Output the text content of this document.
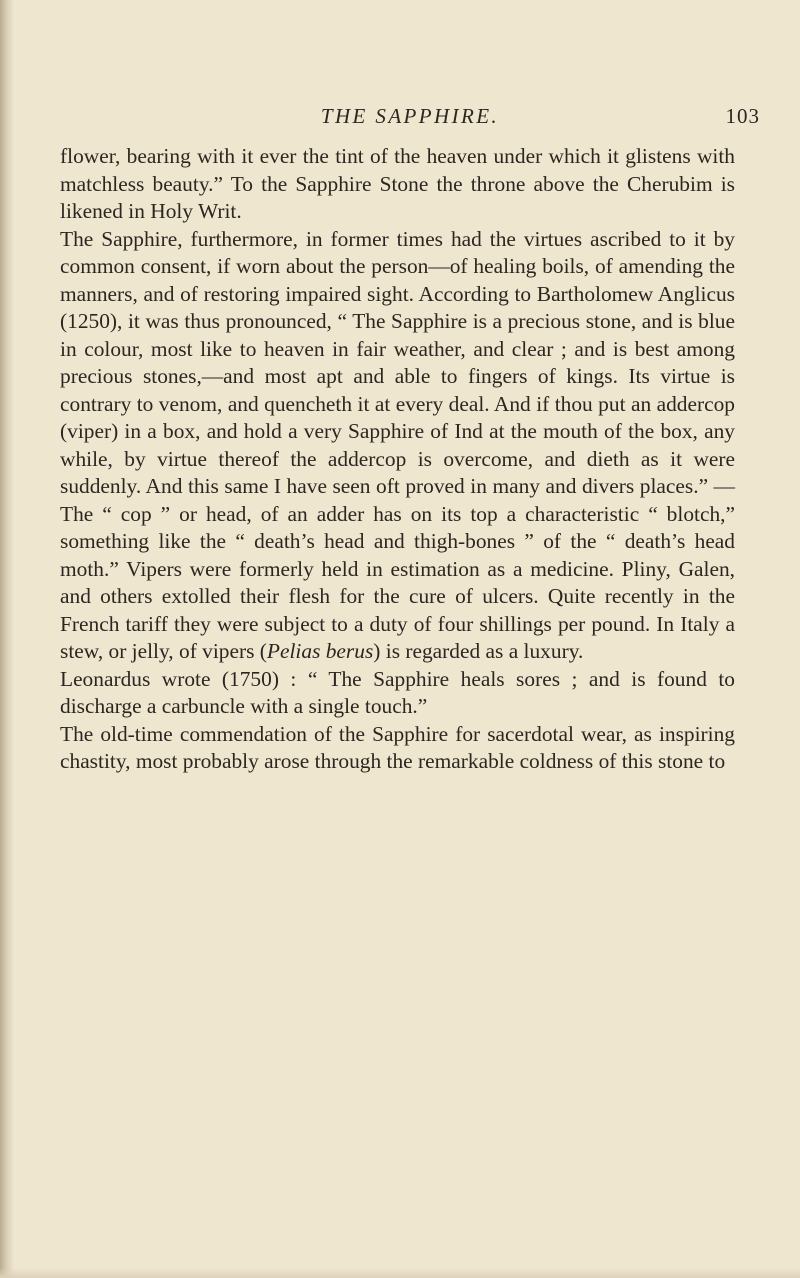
THE SAPPHIRE.	103

flower, bearing with it ever the tint of the heaven under which it glistens with matchless beauty.” To the Sapphire Stone the throne above the Cherubim is likened in Holy Writ.

The Sapphire, furthermore, in former times had the virtues ascribed to it by common consent, if worn about the person—of healing boils, of amending the manners, and of restoring impaired sight. According to Bartholomew Anglicus (1250), it was thus pronounced, “ The Sapphire is a precious stone, and is blue in colour, most like to heaven in fair weather, and clear ; and is best among precious stones,—and most apt and able to fingers of kings. Its virtue is contrary to venom, and quencheth it at every deal. And if thou put an addercop (viper) in a box, and hold a very Sapphire of Ind at the mouth of the box, any while, by virtue thereof the addercop is overcome, and dieth as it were suddenly. And this same I have seen oft proved in many and divers places.” —The “ cop ” or head, of an adder has on its top a characteristic “ blotch,” something like the “ death’s head and thigh-bones ” of the “ death’s head moth.” Vipers were formerly held in estimation as a medicine. Pliny, Galen, and others extolled their flesh for the cure of ulcers. Quite recently in the French tariff they were subject to a duty of four shillings per pound. In Italy a stew, or jelly, of vipers (Pelias berus) is regarded as a luxury.

Leonardus wrote (1750) : “ The Sapphire heals sores ; and is found to discharge a carbuncle with a single touch.”

The old-time commendation of the Sapphire for sacerdotal wear, as inspiring chastity, most probably arose through the remarkable coldness of this stone to
